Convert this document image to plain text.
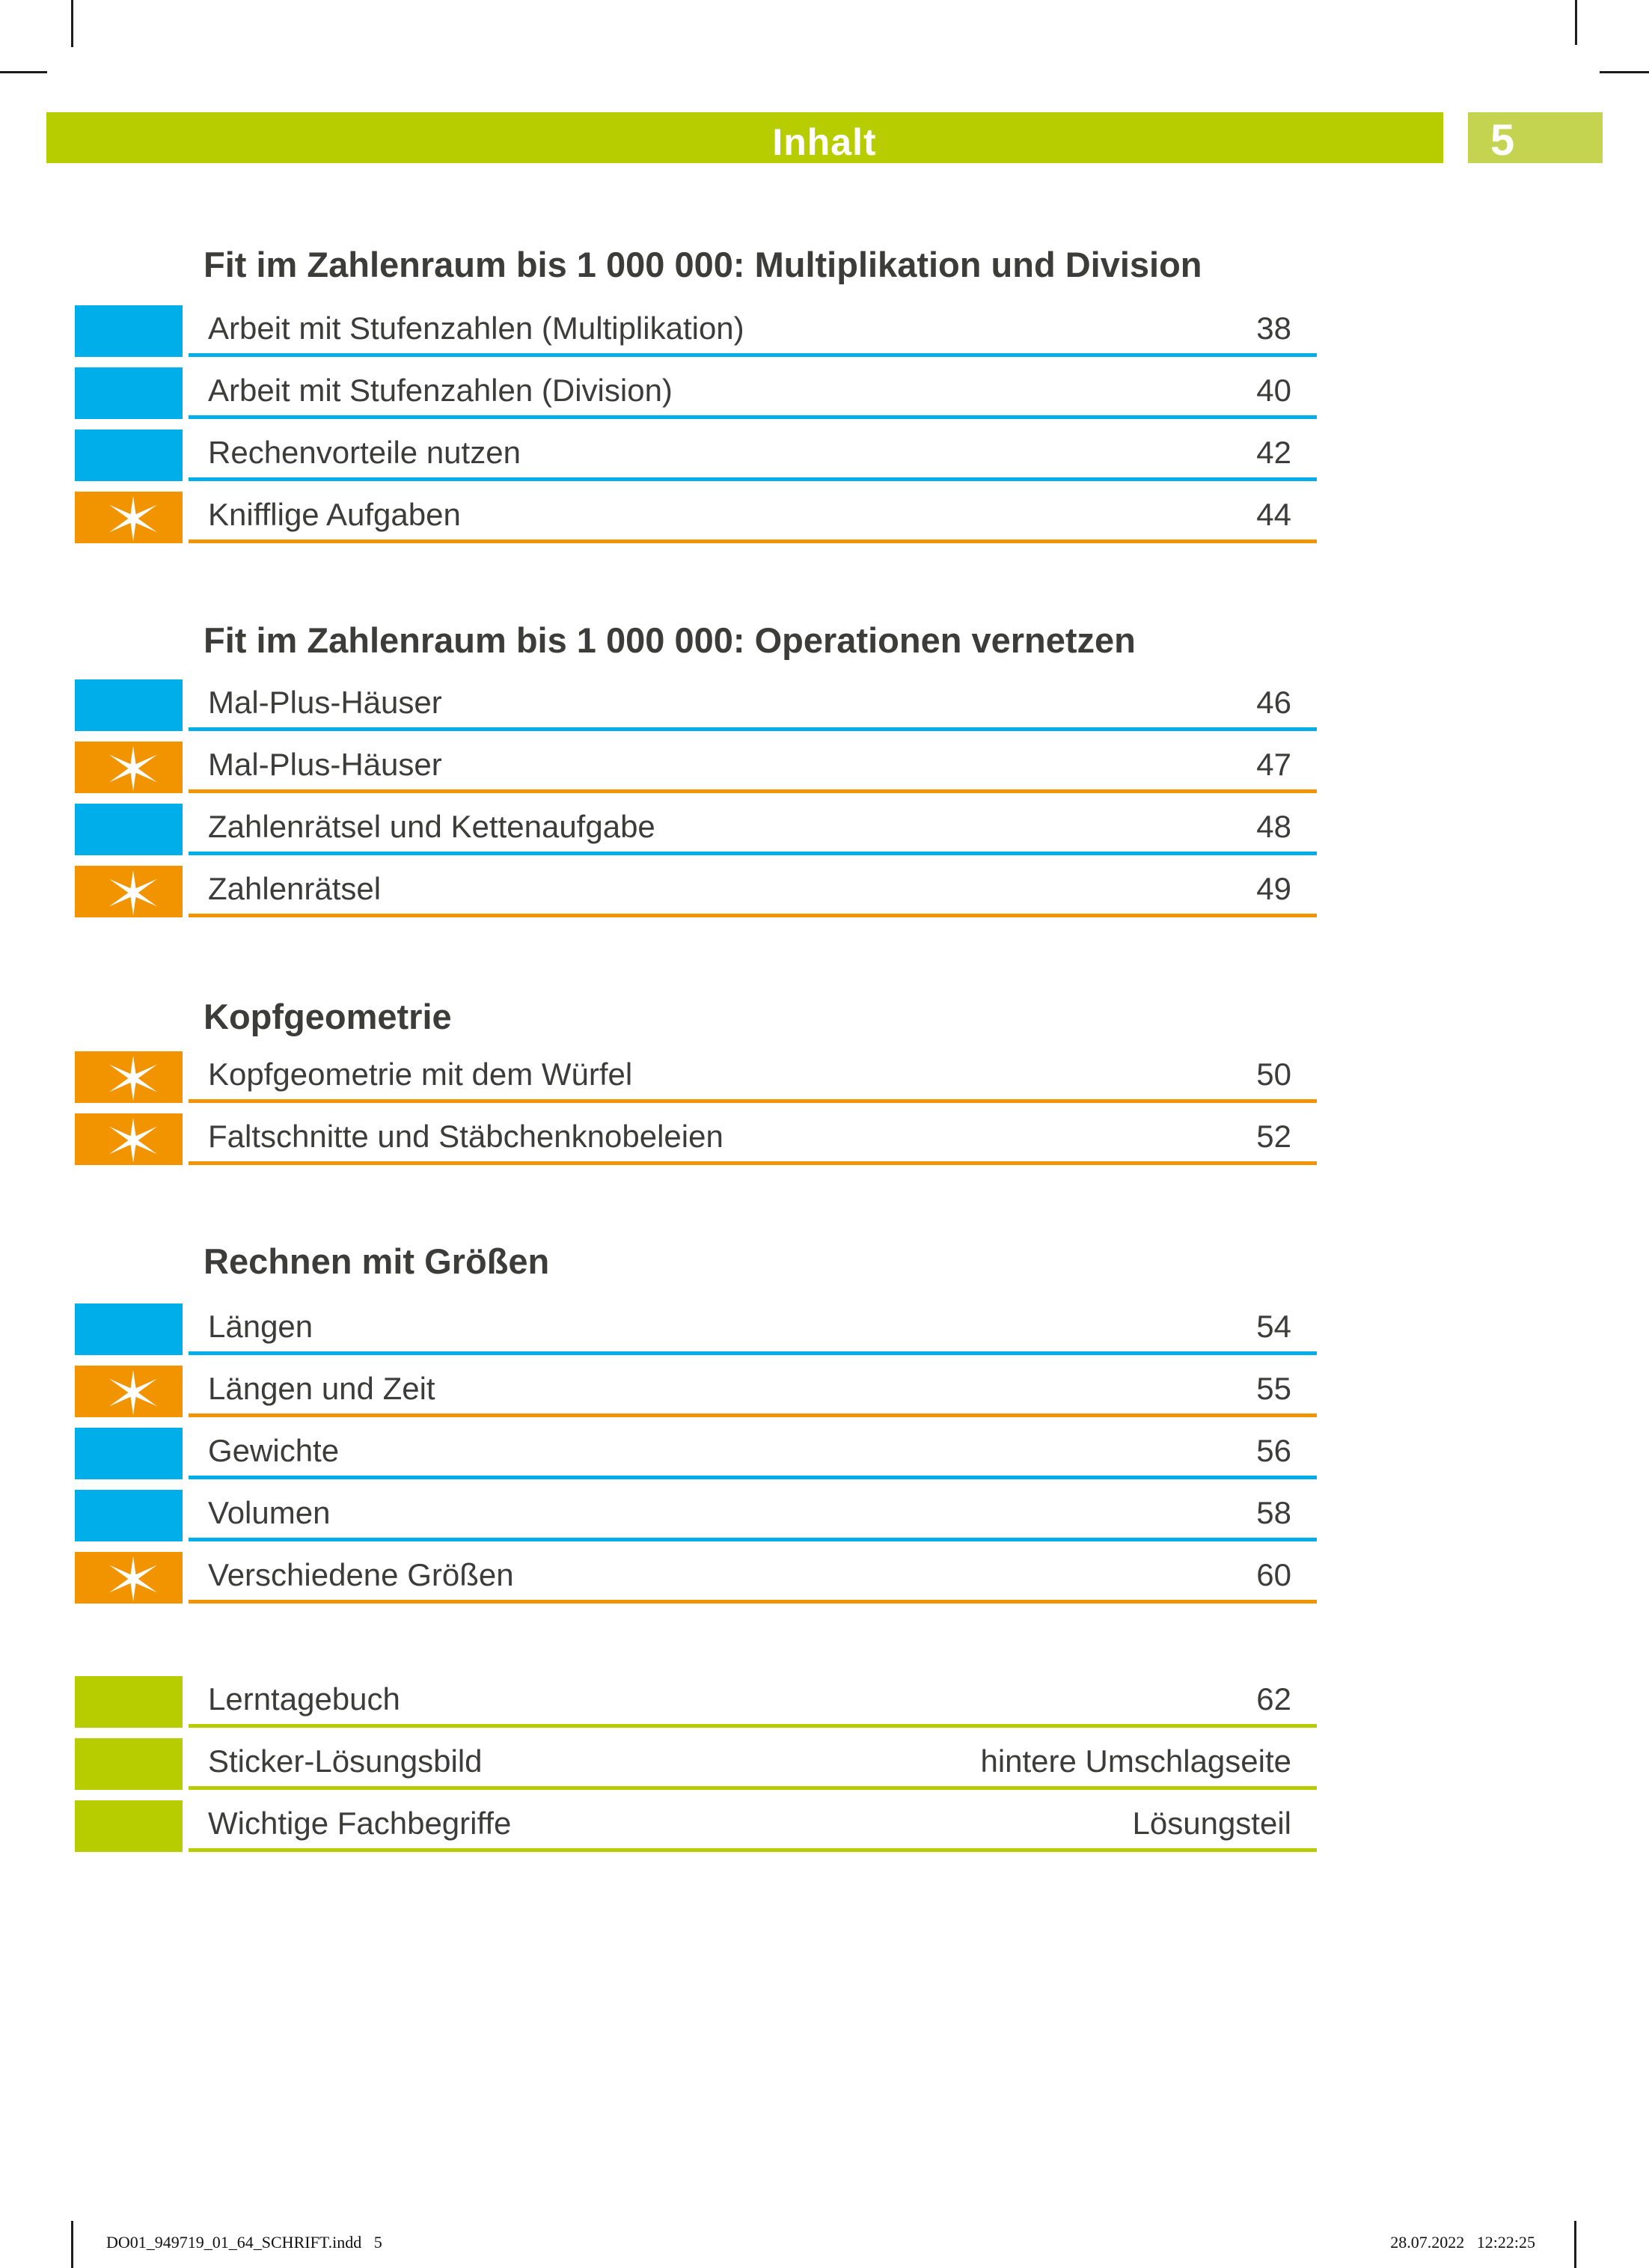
Inhalt	5
Fit im Zahlenraum bis 1 000 000: Multiplikation und Division
Arbeit mit Stufenzahlen (Multiplikation)	38
Arbeit mit Stufenzahlen (Division)	40
Rechenvorteile nutzen	42
Knifflige Aufgaben	44
Fit im Zahlenraum bis 1 000 000: Operationen vernetzen
Mal-Plus-Häuser	46
Mal-Plus-Häuser	47
Zahlenrätsel und Kettenaufgabe	48
Zahlenrätsel	49
Kopfgeometrie
Kopfgeometrie mit dem Würfel	50
Faltschnitte und Stäbchenknobeleien	52
Rechnen mit Größen
Längen	54
Längen und Zeit	55
Gewichte	56
Volumen	58
Verschiedene Größen	60
Lerntagebuch	62
Sticker-Lösungsbild	hintere Umschlagseite
Wichtige Fachbegriffe	Lösungsteil
DO01_949719_01_64_SCHRIFT.indd   5	28.07.2022   12:22:25
